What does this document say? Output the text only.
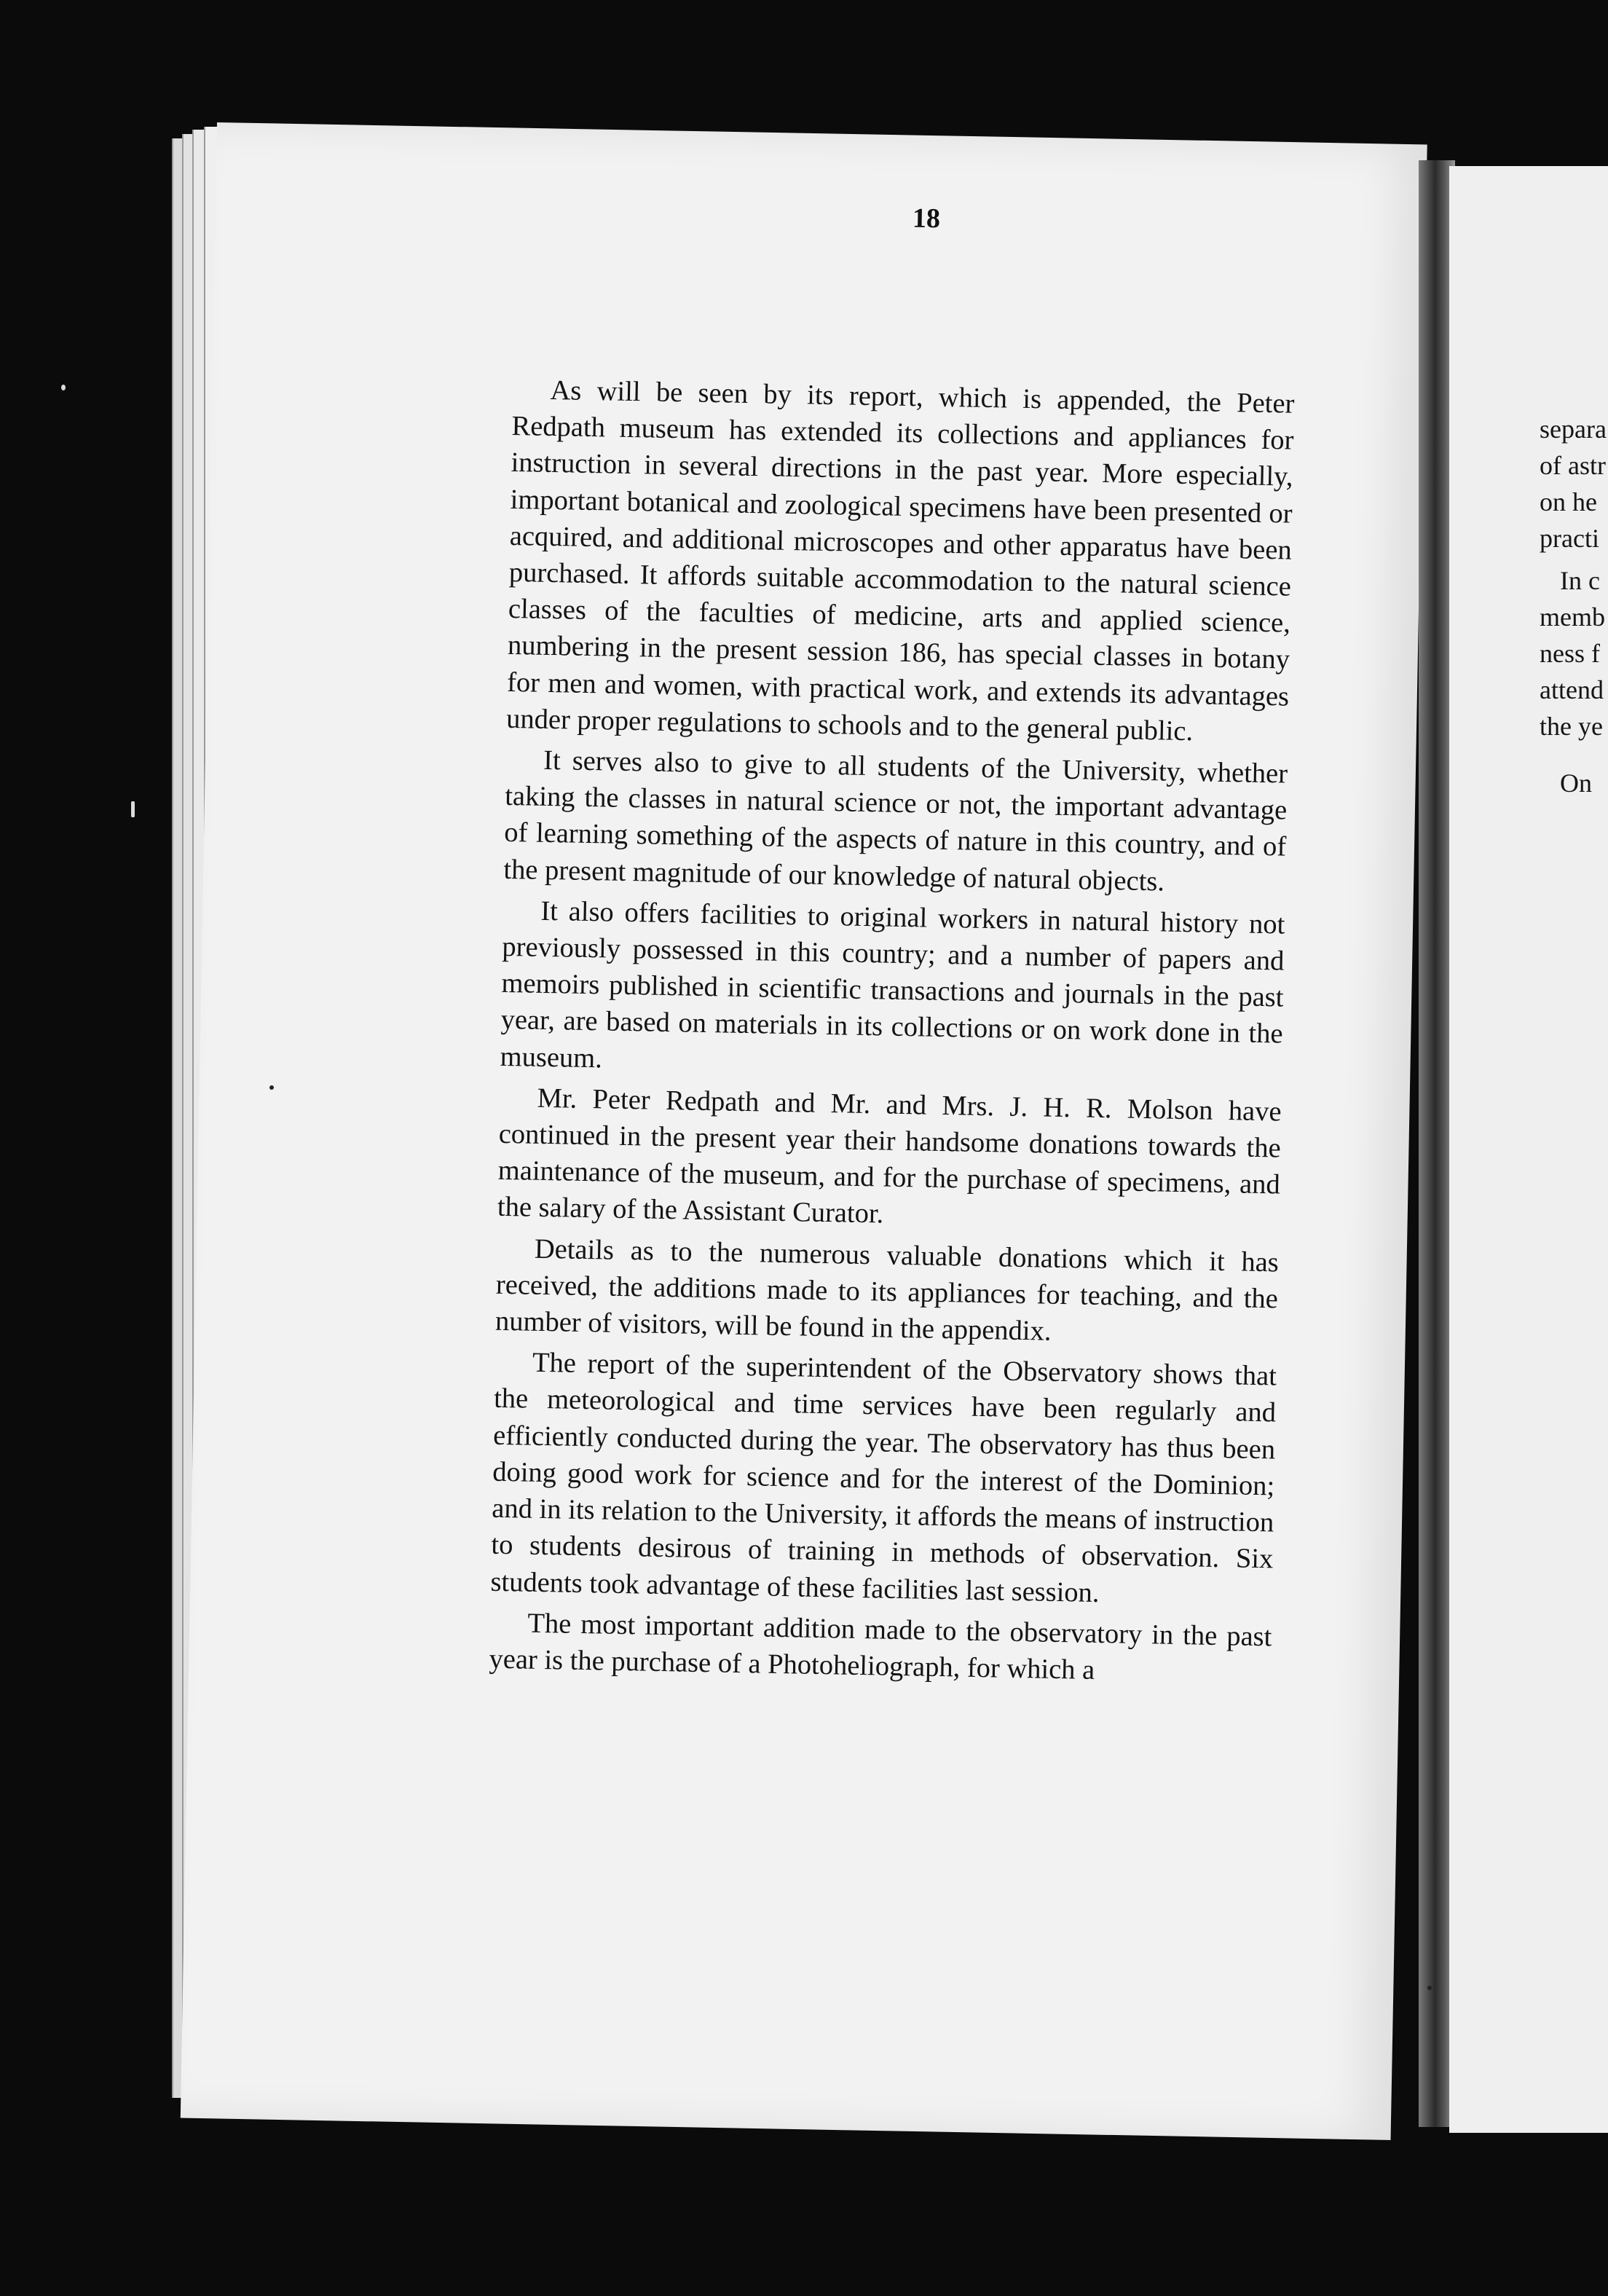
separa

of astr

on he

practi

In c

memb

ness f

attend

the ye

On

18

As will be seen by its report, which is appended, the Peter Redpath museum has extended its collections and appliances for instruction in several directions in the past year. More especially, important botanical and zoological specimens have been presented or acquired, and additional microscopes and other apparatus have been purchased. It affords suitable accommodation to the natural science classes of the faculties of medicine, arts and applied science, numbering in the present session 186, has special classes in botany for men and women, with practical work, and extends its advantages under proper regulations to schools and to the general public.

It serves also to give to all students of the University, whether taking the classes in natural science or not, the important advantage of learning something of the aspects of nature in this country, and of the present magnitude of our knowledge of natural objects.

It also offers facilities to original workers in natural history not previously possessed in this country; and a number of papers and memoirs published in scientific transactions and journals in the past year, are based on materials in its collections or on work done in the museum.

Mr. Peter Redpath and Mr. and Mrs. J. H. R. Molson have continued in the present year their handsome donations towards the maintenance of the museum, and for the purchase of specimens, and the salary of the Assistant Curator.

Details as to the numerous valuable donations which it has received, the additions made to its appliances for teaching, and the number of visitors, will be found in the appendix.

The report of the superintendent of the Observatory shows that the meteorological and time services have been regularly and efficiently conducted during the year. The observatory has thus been doing good work for science and for the interest of the Dominion; and in its relation to the University, it affords the means of instruction to students desirous of training in methods of observation. Six students took advantage of these facilities last session.

The most important addition made to the observatory in the past year is the purchase of a Photoheliograph, for which a
